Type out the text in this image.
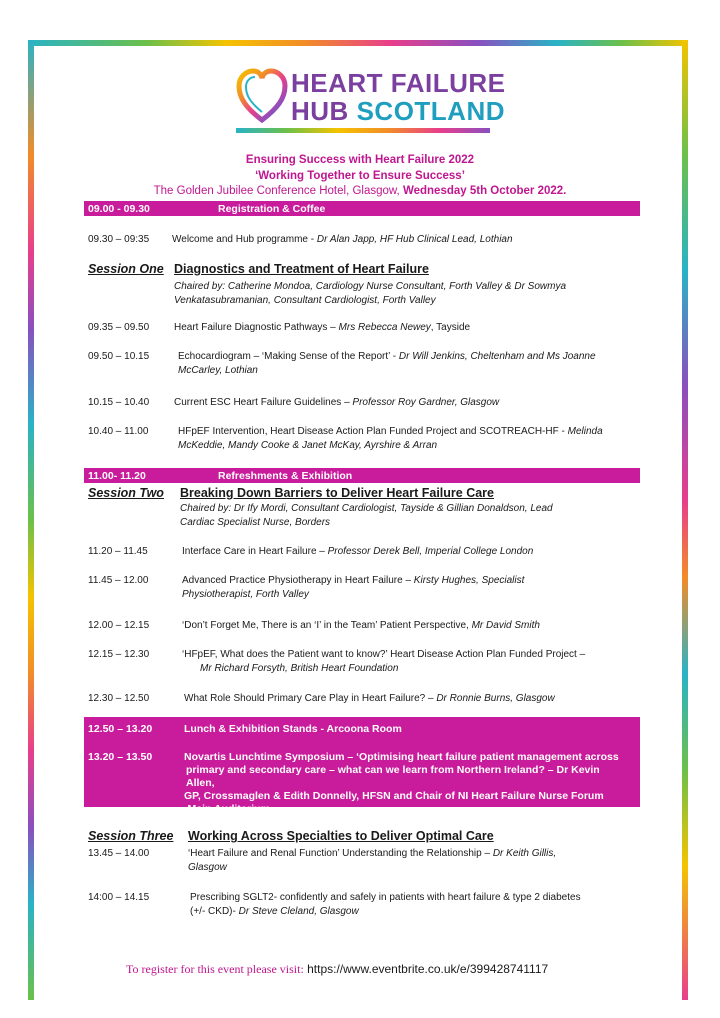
HEART FAILURE
HUB SCOTLAND
Ensuring Success with Heart Failure 2022
‘Working Together to Ensure Success’
The Golden Jubilee Conference Hotel, Glasgow, Wednesday 5th October 2022.
09.00 - 09.30	Registration & Coffee
09.30 – 09:35 Welcome and Hub programme - Dr Alan Japp, HF Hub Clinical Lead, Lothian
Session One Diagnostics and Treatment of Heart Failure
Chaired by: Catherine Mondoa, Cardiology Nurse Consultant, Forth Valley & Dr Sowmya
Venkatasubramanian, Consultant Cardiologist, Forth Valley
09.35 – 09.50 Heart Failure Diagnostic Pathways – Mrs Rebecca Newey, Tayside
09.50 – 10.15	Echocardiogram – ‘Making Sense of the Report’ - Dr Will Jenkins, Cheltenham and Ms Joanne
McCarley, Lothian
10.15 – 10.40 Current ESC Heart Failure Guidelines – Professor Roy Gardner, Glasgow
10.40 – 11.00	HFpEF Intervention, Heart Disease Action Plan Funded Project and SCOTREACH-HF - Melinda
McKeddie, Mandy Cooke & Janet McKay, Ayrshire & Arran
11.00- 11.20	Refreshments & Exhibition
Session Two Breaking Down Barriers to Deliver Heart Failure Care
Chaired by: Dr Ify Mordi, Consultant Cardiologist, Tayside & Gillian Donaldson, Lead
Cardiac Specialist Nurse, Borders
11.20 – 11.45	Interface Care in Heart Failure – Professor Derek Bell, Imperial College London
11.45 – 12.00	Advanced Practice Physiotherapy in Heart Failure – Kirsty Hughes, Specialist
Physiotherapist, Forth Valley
12.00 – 12.15	‘Don’t Forget Me, There is an ‘I’ in the Team’ Patient Perspective, Mr David Smith
12.15 – 12.30	‘HFpEF, What does the Patient want to know?’ Heart Disease Action Plan Funded Project –
Mr Richard Forsyth, British Heart Foundation
12.30 – 12.50	What Role Should Primary Care Play in Heart Failure? – Dr Ronnie Burns, Glasgow
12.50 – 13.20	Lunch & Exhibition Stands - Arcoona Room
13.20 – 13.50	Novartis Lunchtime Symposium – ‘Optimising heart failure patient management across
primary and secondary care – what can we learn from Northern Ireland? – Dr Kevin Allen,
GP, Crossmaglen & Edith Donnelly, HFSN and Chair of NI Heart Failure Nurse Forum
-Main Auditorium
Session Three Working Across Specialties to Deliver Optimal Care
13.45 – 14.00	‘Heart Failure and Renal Function’ Understanding the Relationship – Dr Keith Gillis,
Glasgow
14:00 – 14.15	Prescribing SGLT2- confidently and safely in patients with heart failure & type 2 diabetes
(+/- CKD)- Dr Steve Cleland, Glasgow
To register for this event please visit: https://www.eventbrite.co.uk/e/399428741117
